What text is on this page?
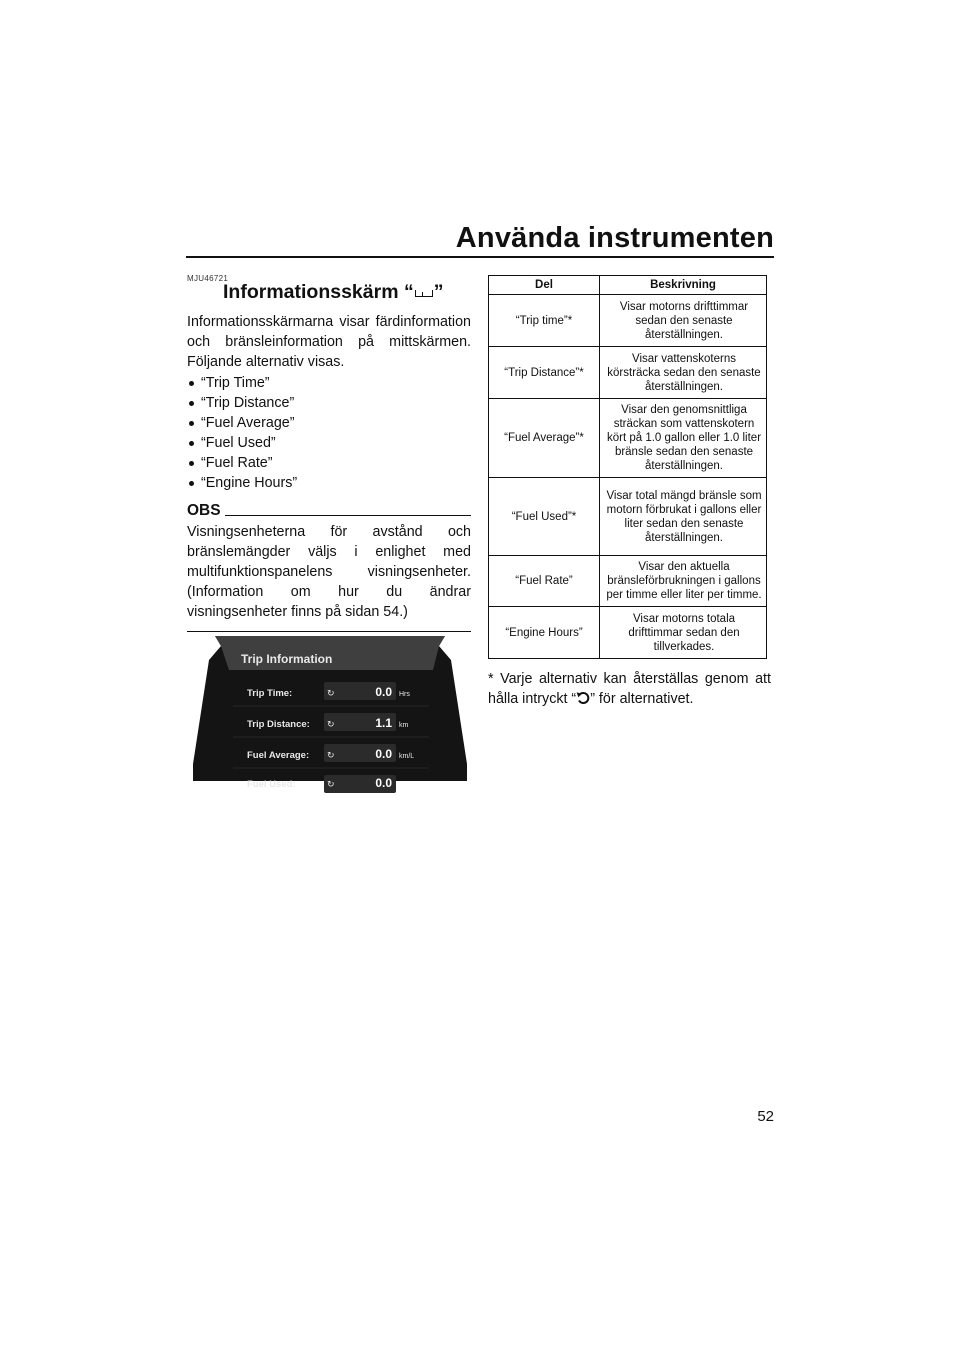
Använda instrumenten
MJU46721
Informationsskärm “ ”

Informationsskärmarna visar färdinformation och bränsleinformation på mittskärmen. Följande alternativ visas.

“Trip Time”
“Trip Distance”
“Fuel Average”
“Fuel Used”
“Fuel Rate”
“Engine Hours”
OBS

Visningsenheterna för avstånd och bränslemängder väljs i enlighet med multifunktionspanelens visningsenheter. (Information om hur du ändrar visningsenheter finns på sidan 54.)

Trip Information
Trip Time:	↻	0.0 Hrs
Trip Distance: ↻	1.1 km
Fuel Average: ↻	0.0 km/L
Fuel Used:	↻	0.0
Del	Beskrivning
“Trip time”*	Visar motorns drifttimmar sedan den senaste återställningen.
“Trip Distance”*	Visar vattenskoterns körsträcka sedan den senaste återställningen.
“Fuel Average”*	Visar den genomsnittliga sträckan som vattenskotern kört på 1.0 gallon eller 1.0 liter bränsle sedan den senaste återställningen.
“Fuel Used”*	Visar total mängd bränsle som motorn förbrukat i gallons eller liter sedan den senaste återställningen.
“Fuel Rate”	Visar den aktuella bränsleförbrukningen i gallons per timme eller liter per timme.
“Engine Hours”	Visar motorns totala drifttimmar sedan den tillverkades.
* Varje alternativ kan återställas genom att hålla intryckt “ ” för alternativet.
52
